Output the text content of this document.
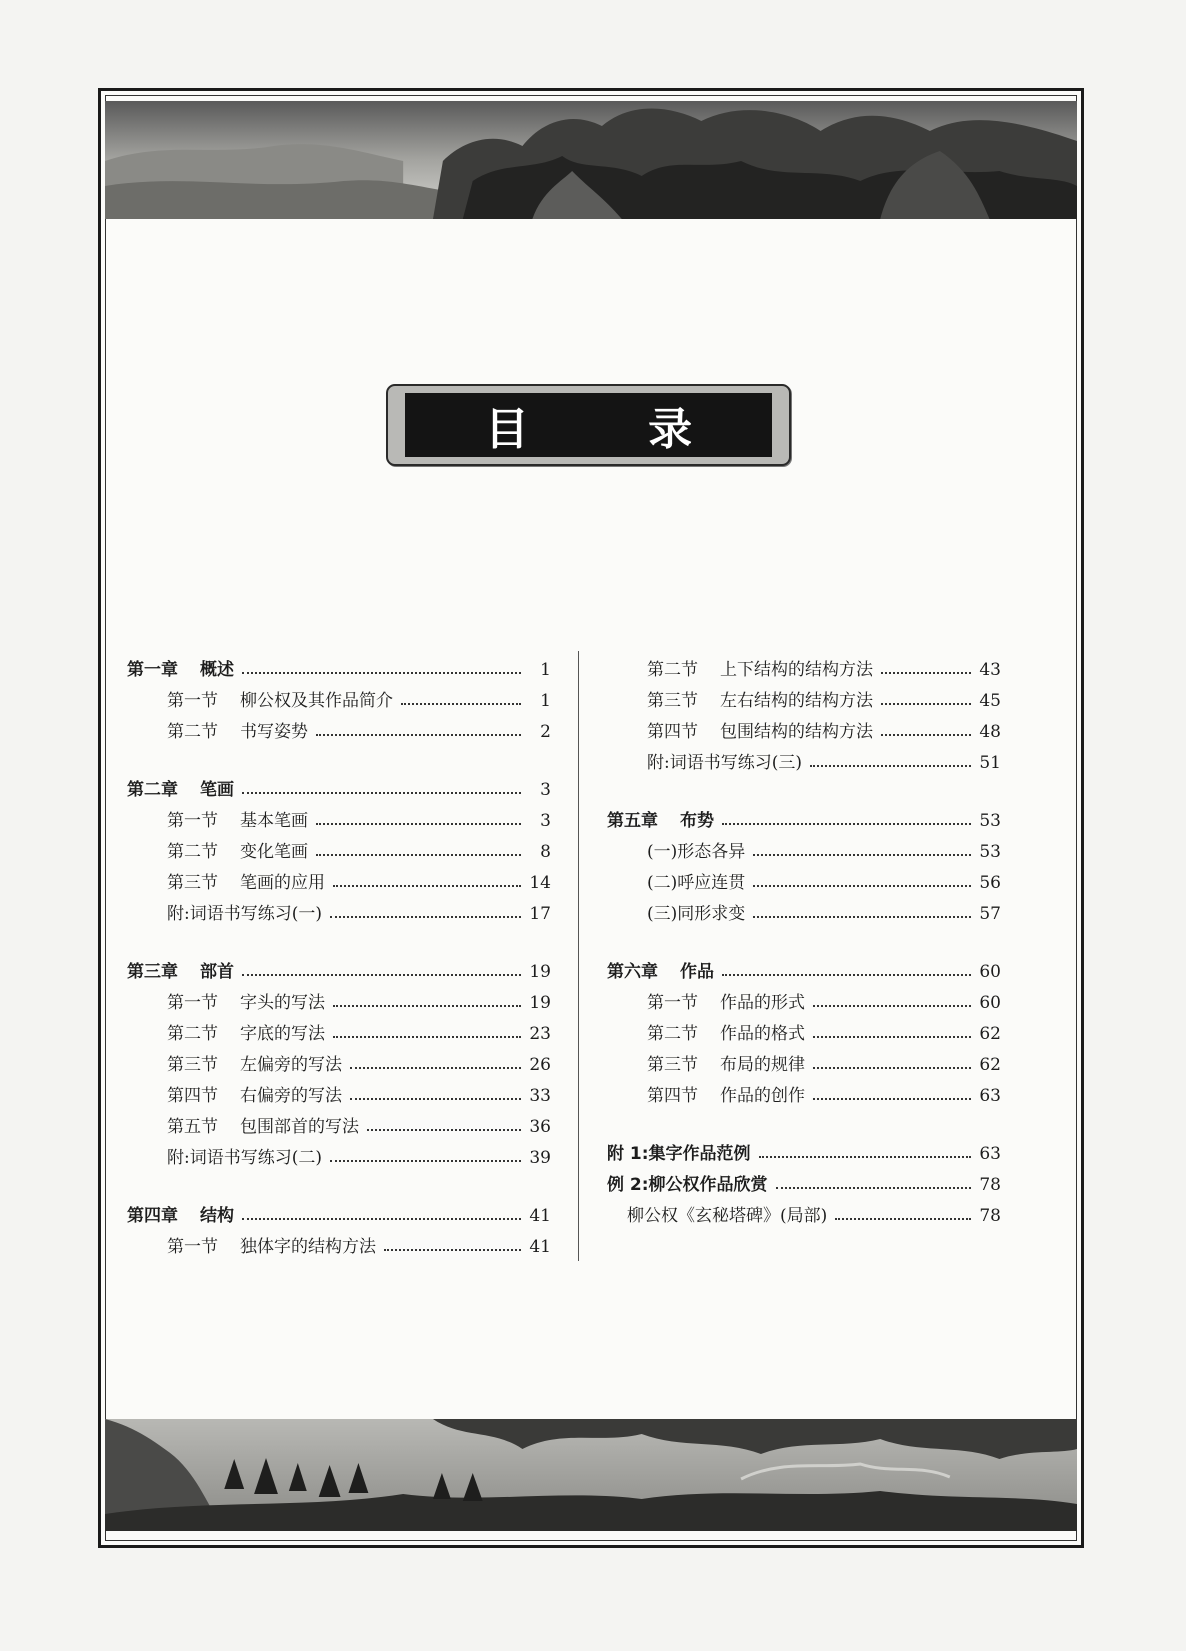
目 录
第一章 概述	1
第一节 柳公权及其作品简介	1
第二节 书写姿势	2
第二章 笔画	3
第一节 基本笔画	3
第二节 变化笔画	8
第三节 笔画的应用	14
附:词语书写练习(一)	17
第三章 部首	19
第一节 字头的写法	19
第二节 字底的写法	23
第三节 左偏旁的写法	26
第四节 右偏旁的写法	33
第五节 包围部首的写法	36
附:词语书写练习(二)	39
第四章 结构	41
第一节 独体字的结构方法	41
第二节 上下结构的结构方法	43
第三节 左右结构的结构方法	45
第四节 包围结构的结构方法	48
附:词语书写练习(三)	51
第五章 布势	53
(一)形态各异	53
(二)呼应连贯	56
(三)同形求变	57
第六章 作品	60
第一节 作品的形式	60
第二节 作品的格式	62
第三节 布局的规律	62
第四节 作品的创作	63
附 1:集字作品范例	63
例 2:柳公权作品欣赏	78
柳公权《玄秘塔碑》(局部)	78
